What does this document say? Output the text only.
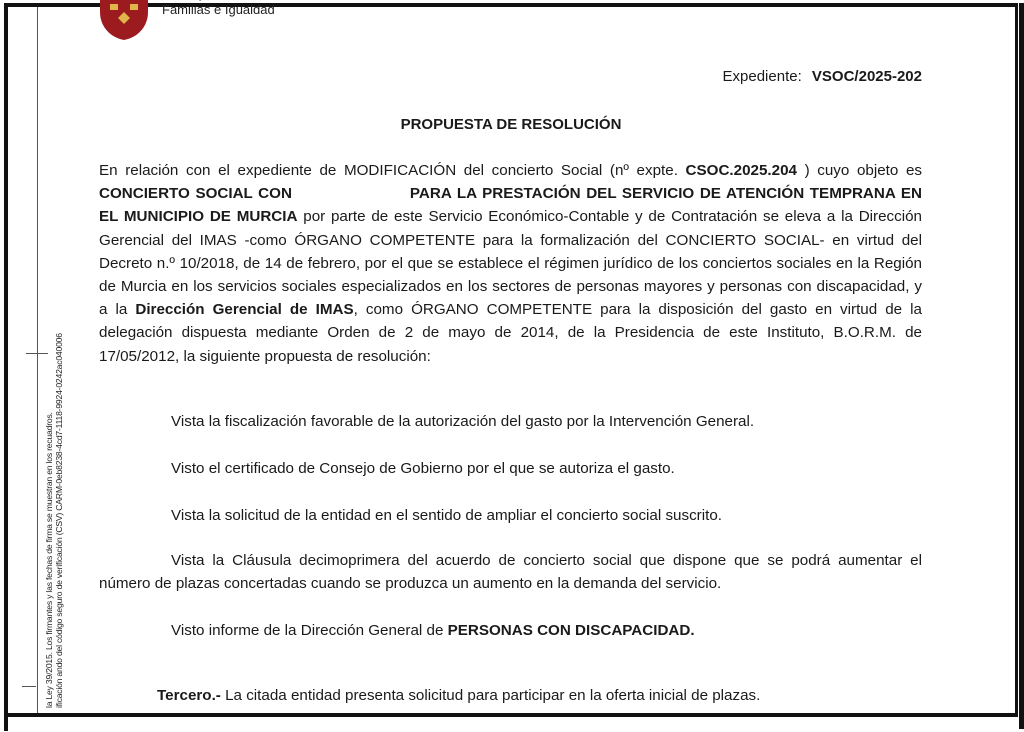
la Ley 39/2015. Los firmantes y las fechas de firma se muestran en los recuadros. ificación ando del código seguro de verificación (CSV) CARM-0eb8238-4cd7-1118-9924-0242ac040006
Familias e Igualdad
Expediente: VSOC/2025-202
PROPUESTA DE RESOLUCIÓN
En relación con el expediente de MODIFICACIÓN del concierto Social (nº expte. CSOC.2025.204 ) cuyo objeto es CONCIERTO SOCIAL CON	PARA LA PRESTACIÓN DEL SERVICIO DE ATENCIÓN TEMPRANA EN EL MUNICIPIO DE MURCIA por parte de este Servicio Económico-Contable y de Contratación se eleva a la Dirección Gerencial del IMAS -como ÓRGANO COMPETENTE para la formalización del CONCIERTO SOCIAL- en virtud del Decreto n.º 10/2018, de 14 de febrero, por el que se establece el régimen jurídico de los conciertos sociales en la Región de Murcia en los servicios sociales especializados en los sectores de personas mayores y personas con discapacidad, y a la Dirección Gerencial de IMAS, como ÓRGANO COMPETENTE para la disposición del gasto en virtud de la delegación dispuesta mediante Orden de 2 de mayo de 2014, de la Presidencia de este Instituto, B.O.R.M. de 17/05/2012, la siguiente propuesta de resolución:
Vista la fiscalización favorable de la autorización del gasto por la Intervención General.
Visto el certificado de Consejo de Gobierno por el que se autoriza el gasto.
Vista la solicitud de la entidad en el sentido de ampliar el concierto social suscrito.
Vista la Cláusula decimoprimera del acuerdo de concierto social que dispone que se podrá aumentar el número de plazas concertadas cuando se produzca un aumento en la demanda del servicio.
Visto informe de la Dirección General de PERSONAS CON DISCAPACIDAD.
Tercero.- La citada entidad presenta solicitud para participar en la oferta inicial de plazas.
